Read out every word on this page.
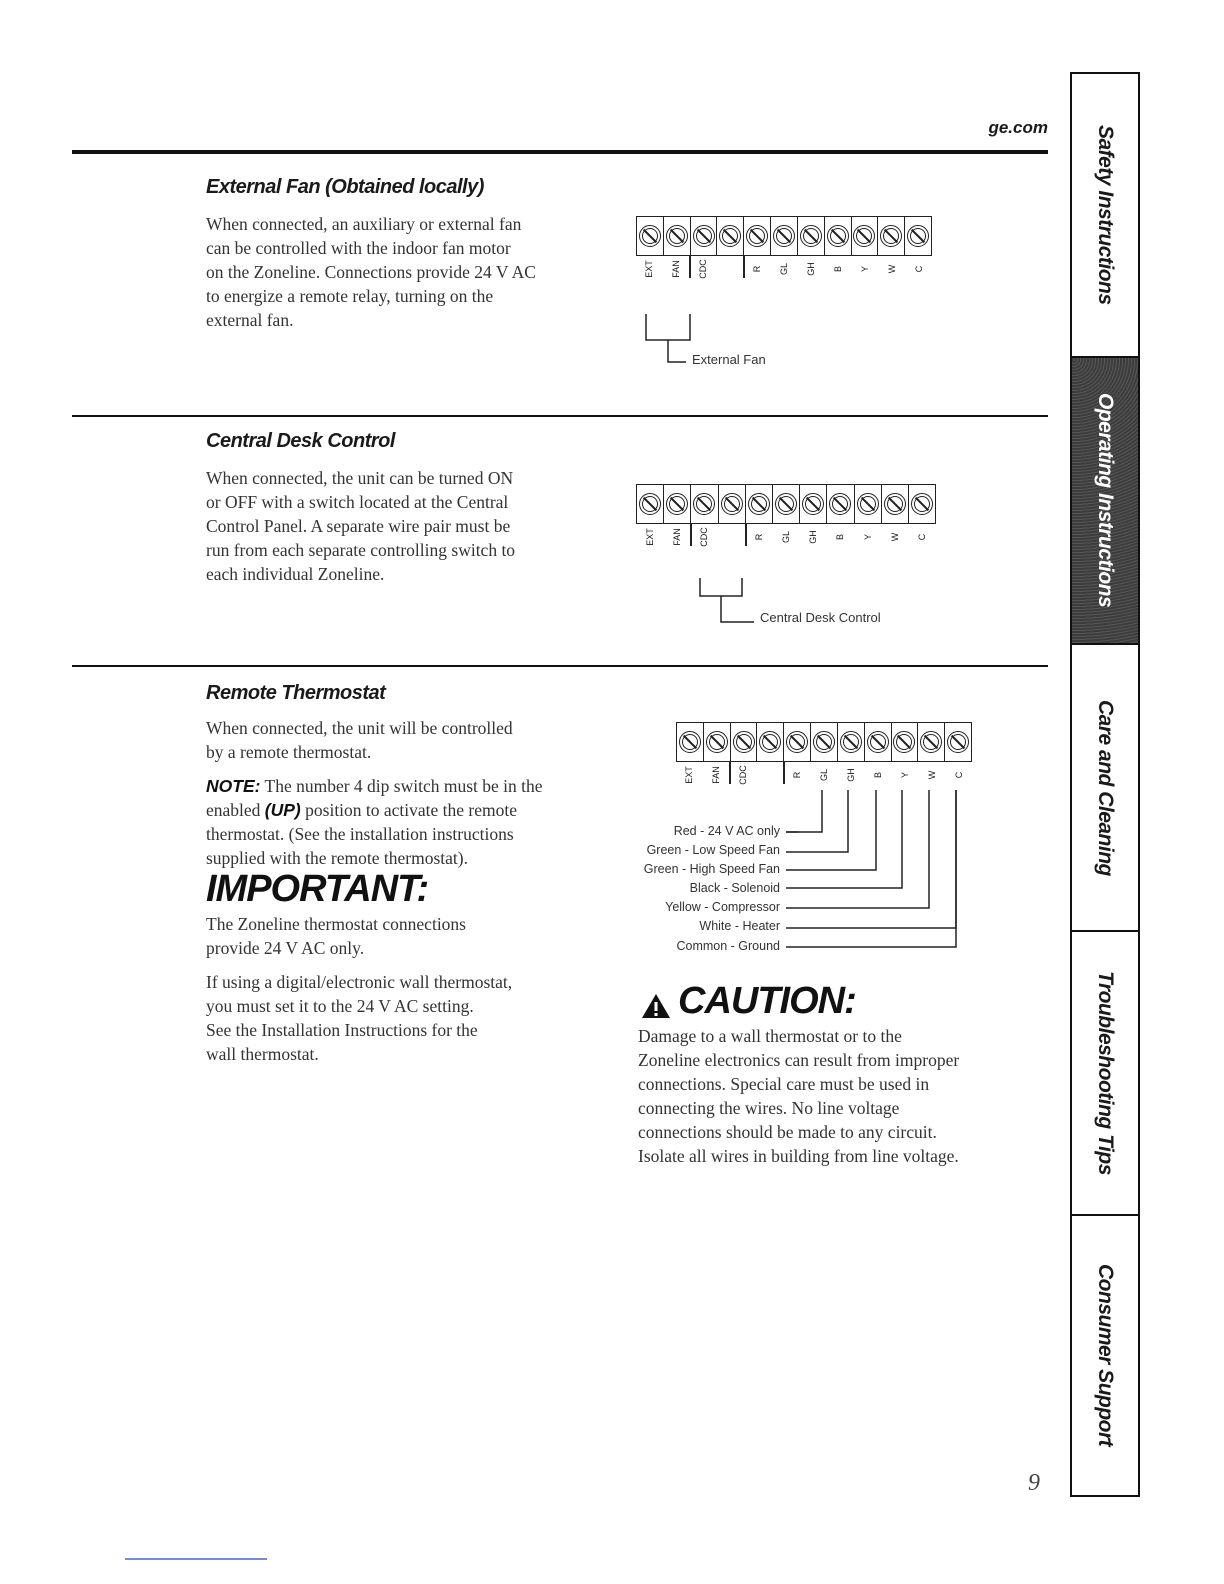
ge.com
External Fan (Obtained locally)
When connected, an auxiliary or external fan
can be controlled with the indoor fan motor
on the Zoneline. Connections provide 24 V AC
to energize a remote relay, turning on the
external fan.
EXT FAN CDC	R GL GH B Y W C
External Fan
Central Desk Control
When connected, the unit can be turned ON
or OFF with a switch located at the Central
Control Panel. A separate wire pair must be
run from each separate controlling switch to
each individual Zoneline.
EXT FAN CDC	R GL GH B Y W C
Central Desk Control
Remote Thermostat
When connected, the unit will be controlled
by a remote thermostat.
NOTE: The number 4 dip switch must be in the
enabled (UP) position to activate the remote
thermostat. (See the installation instructions
supplied with the remote thermostat).
IMPORTANT:
The Zoneline thermostat connections
provide 24 V AC only.
If using a digital/electronic wall thermostat,
you must set it to the 24 V AC setting.
See the Installation Instructions for the
wall thermostat.
EXT FAN CDC	R GL GH B Y W C
Red - 24 V AC only
Green - Low Speed Fan
Green - High Speed Fan
Black - Solenoid
Yellow - Compressor
White - Heater
Common - Ground
CAUTION:
Damage to a wall thermostat or to the
Zoneline electronics can result from improper
connections. Special care must be used in
connecting the wires. No line voltage
connections should be made to any circuit.
Isolate all wires in building from line voltage.
Safety Instructions
Operating Instructions
Care and Cleaning
Troubleshooting Tips
Consumer Support
9
